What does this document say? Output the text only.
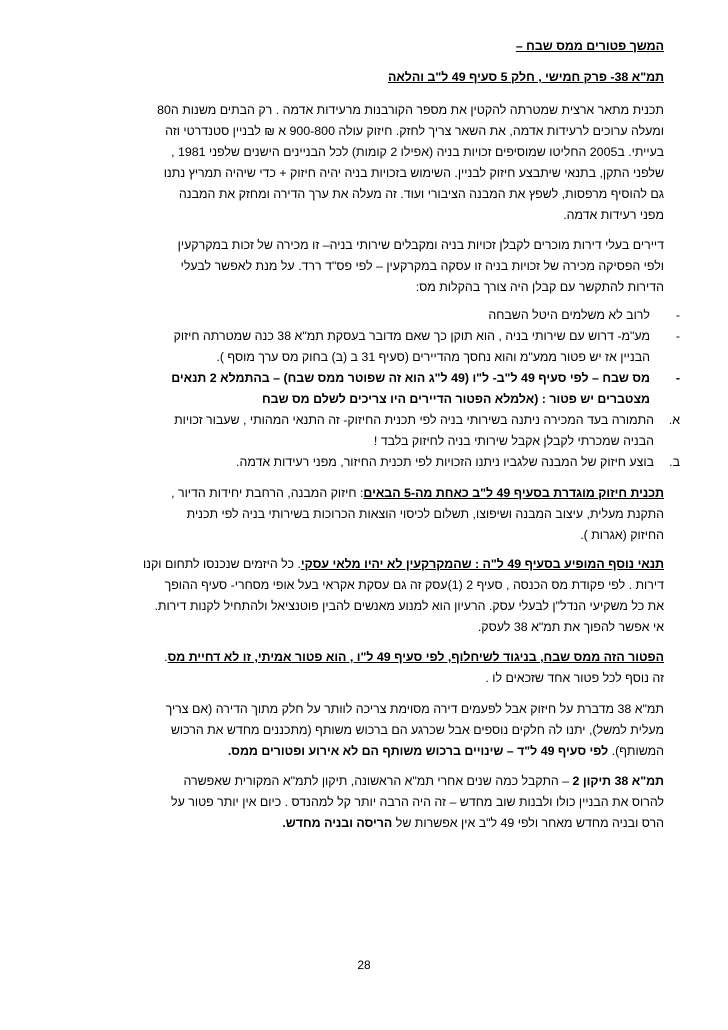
המשך פטורים ממס שבח –
תמ"א 38- פרק חמישי , חלק 5 סעיף 49 ל"ב והלאה
תכנית מתאר ארצית שמטרתה להקטין את מספר הקורבנות מרעידות אדמה . רק הבתים משנות ה80
ומעלה ערוכים לרעידות אדמה, את השאר צריך לחזק. חיזוק עולה 900-800 א ₪ לבניין סטנדרטי וזה
בעייתי. ב2005 החליטו שמוסיפים זכויות בניה (אפילו 2 קומות) לכל הבניינים הישנים שלפני 1981 ,
שלפני התקן, בתנאי שיתבצע חיזוק לבניין. השימוש בזכויות בניה יהיה חיזוק + כדי שיהיה תמריץ נתנו
גם להוסיף מרפסות, לשפץ את המבנה הציבורי ועוד. זה מעלה את ערך הדירה ומחזק את המבנה
מפני רעידות אדמה.
דיירים בעלי דירות מוכרים לקבלן זכויות בניה ומקבלים שירותי בניה– זו מכירה של זכות במקרקעין
ולפי הפסיקה מכירה של זכויות בניה זו עסקה במקרקעין – לפי פס"ד ררד. על מנת לאפשר לבעלי
הדירות להתקשר עם קבלן היה צורך בהקלות מס:
-
לרוב לא משלמים היטל השבחה
-
מע"מ- דרוש עם שירותי בניה , הוא תוקן כך שאם מדובר בעסקת תמ"א 38 כנה שמטרתה חיזוק
הבניין אז יש פטור ממע"מ והוא נחסך מהדיירים (סעיף 31 ב (ב) בחוק מס ערך מוסף ).
-
מס שבח – לפי סעיף 49 ל"ב- ל"ו (49 ל"ג הוא זה שפוטר ממס שבח) – בהתמלא 2 תנאים
מצטברים יש פטור : (אלמלא הפטור הדיירים היו צריכים לשלם מס שבח
א.
התמורה בעד המכירה ניתנה בשירותי בניה לפי תכנית החיזוק- זה התנאי המהותי , שעבור זכויות
הבניה שמכרתי לקבלן אקבל שירותי בניה לחיזוק בלבד !
ב.
בוצע חיזוק של המבנה שלגביו ניתנו הזכויות לפי תכנית החיזור, מפני רעידות אדמה.
תכנית חיזוק מוגדרת בסעיף 49 ל"ב כאחת מה-5 הבאים: חיזוק המבנה, הרחבת יחידות הדיור ,
התקנת מעלית, עיצוב המבנה ושיפוצו, תשלום לכיסוי הוצאות הכרוכות בשירותי בניה לפי תכנית
החיזוק (אגרות ).
תנאי נוסף המופיע בסעיף 49 ל"ה : שהמקרקעין לא יהיו מלאי עסקי. כל היזמים שנכנסו לתחום וקנו
דירות . לפי פקודת מס הכנסה , סעיף 2 (1)עסק זה גם עסקת אקראי בעל אופי מסחרי- סעיף ההופך
את כל משקיעי הנדל"ן לבעלי עסק. הרעיון הוא למנוע מאנשים להבין פוטנציאל ולהתחיל לקנות דירות.
אי אפשר להפוך את תמ"א 38 לעסק.
הפטור הזה ממס שבח, בניגוד לשיחלוף, לפי סעיף 49 ל"ו , הוא פטור אמיתי, זו לא דחיית מס.
זה נוסף לכל פטור אחד שזכאים לו .
תמ"א 38 מדברת על חיזוק אבל לפעמים דירה מסוימת צריכה לוותר על חלק מתוך הדירה (אם צריך
מעלית למשל), יתנו לה חלקים נוספים אבל שכרגע הם ברכוש משותף (מתכננים מחדש את הרכוש
המשותף). לפי סעיף 49 ל"ד – שינויים ברכוש משותף הם לא אירוע ופטורים ממס.
תמ"א 38 תיקון 2 – התקבל כמה שנים אחרי תמ"א הראשונה, תיקון לתמ"א המקורית שאפשרה
להרוס את הבניין כולו ולבנות שוב מחדש – זה היה הרבה יותר קל למהנדס . כיום אין יותר פטור על
הרס ובניה מחדש מאחר ולפי 49 ל"ב אין אפשרות של הריסה ובניה מחדש.
28
